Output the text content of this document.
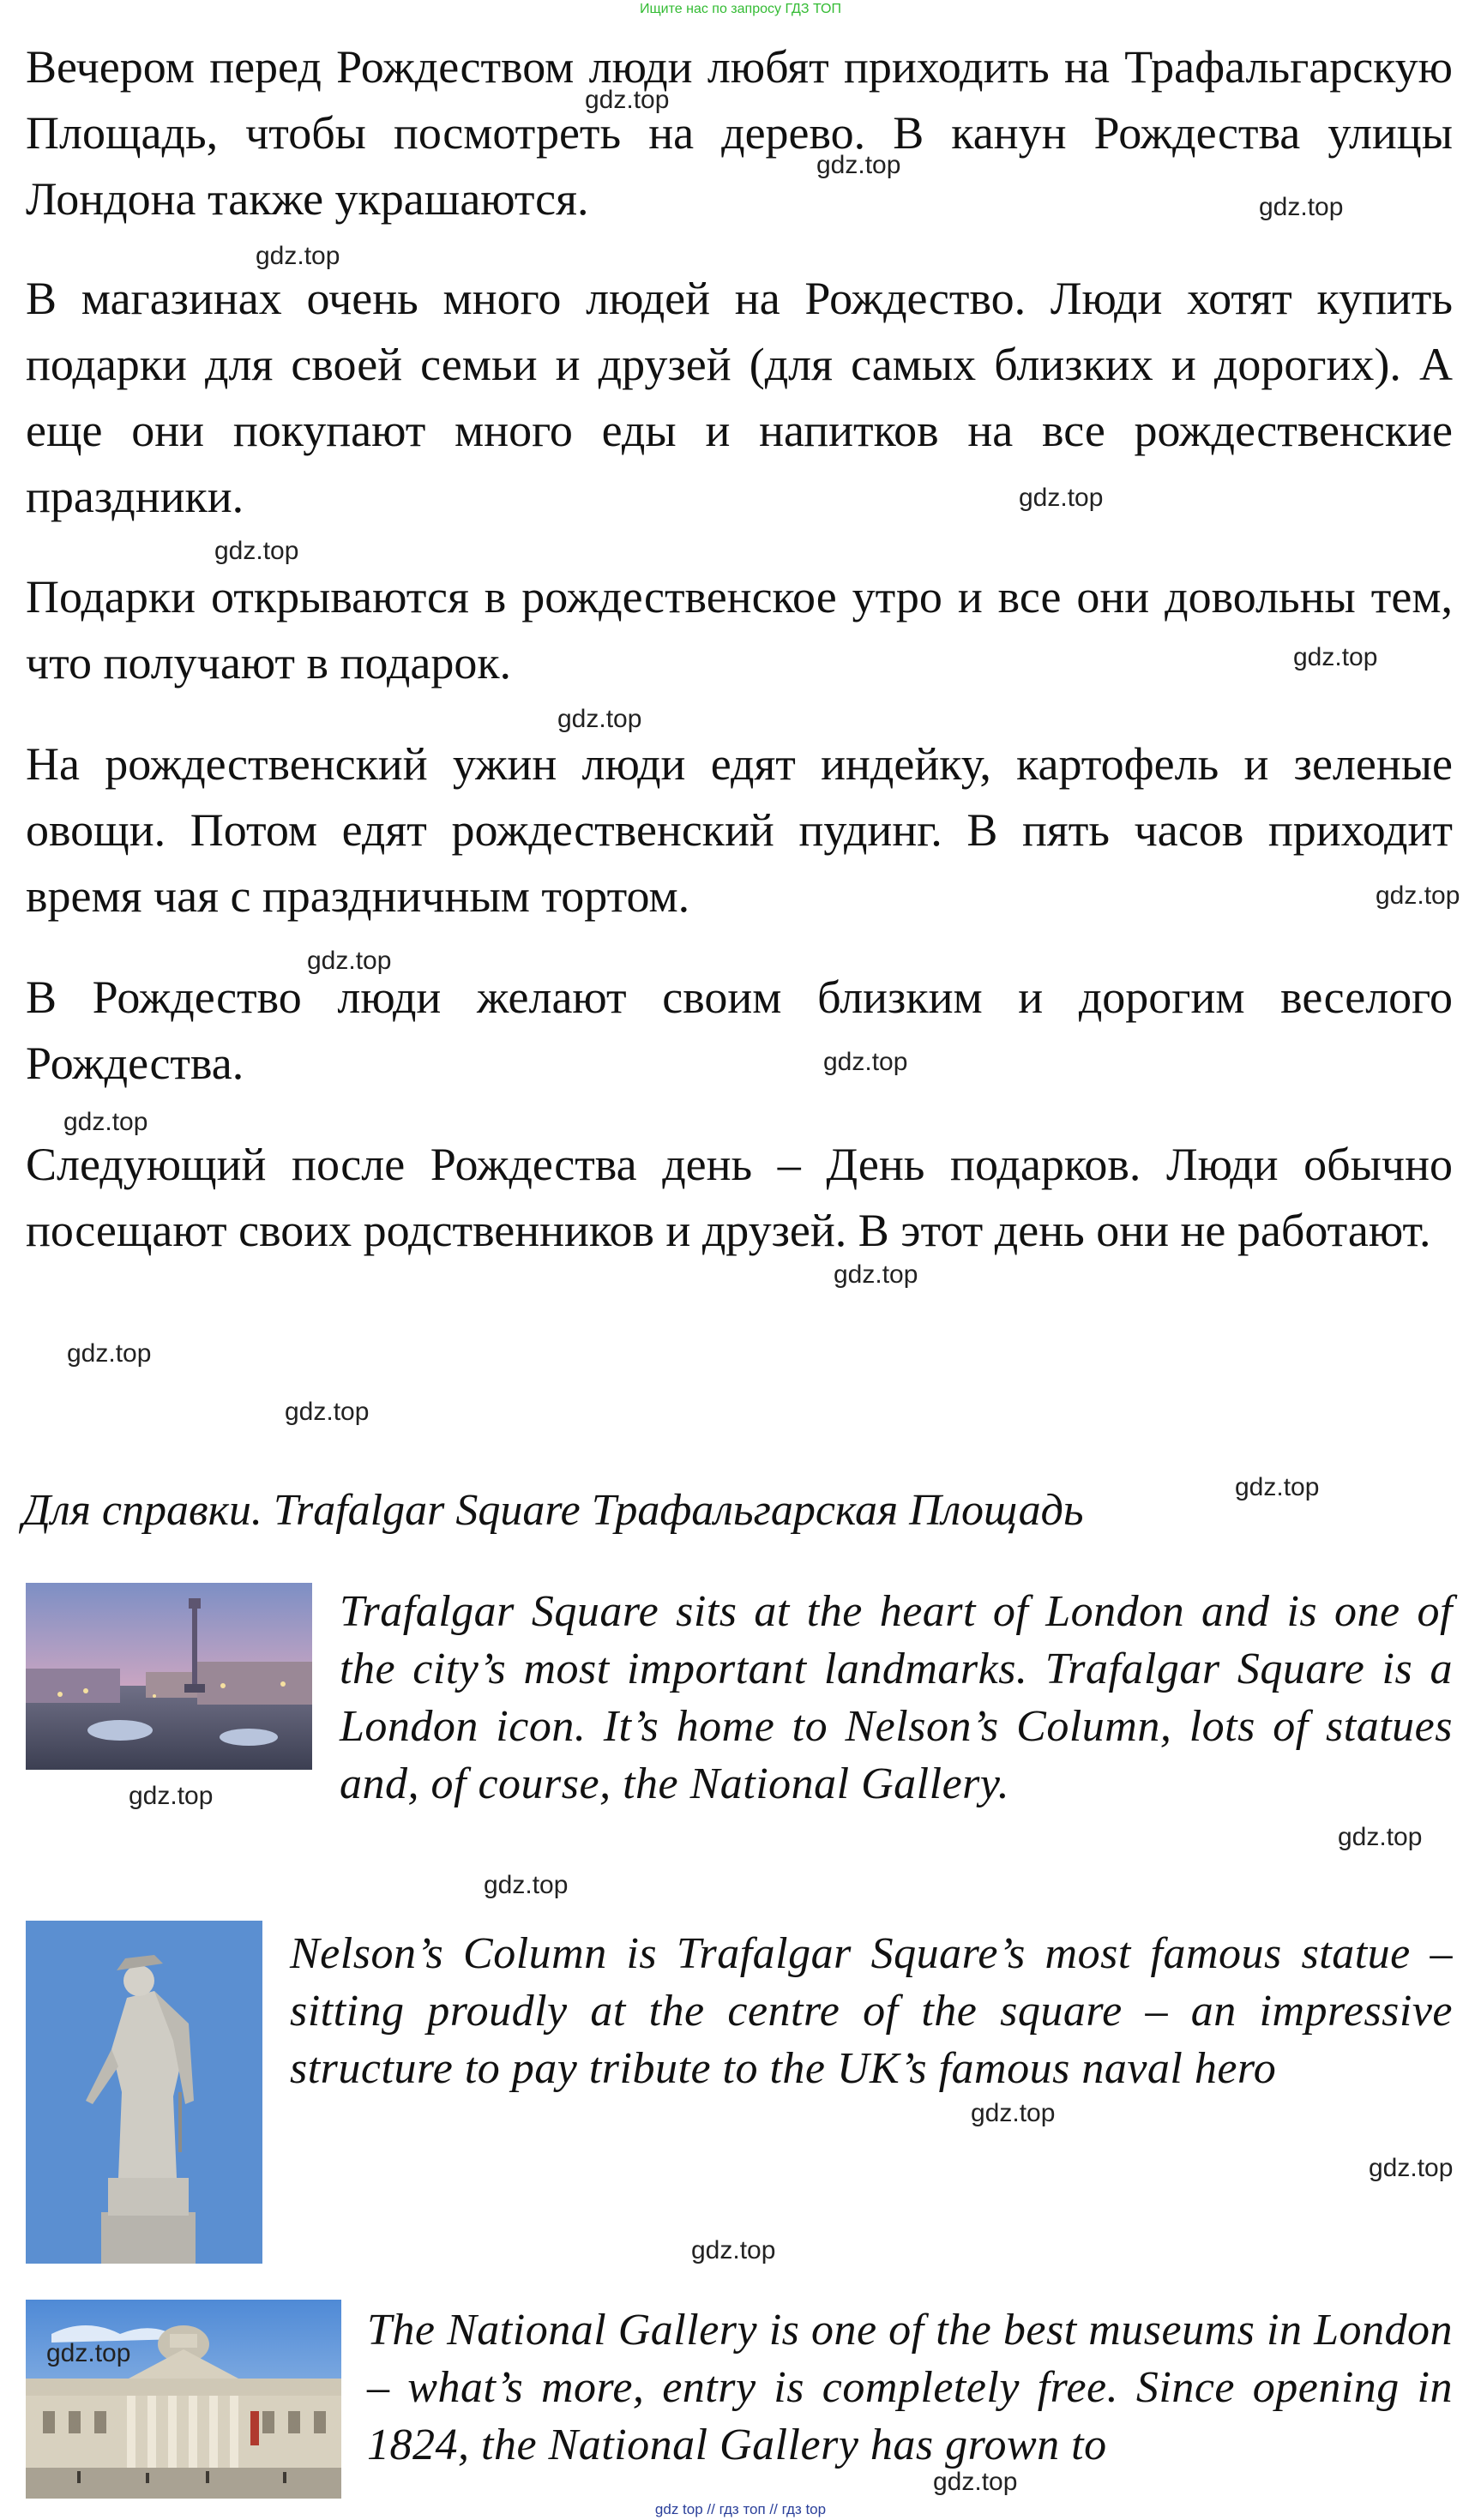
Ищите нас по запросу ГДЗ ТОП

Вечером перед Рождеством люди любят приходить на Трафальгарскую Площадь, чтобы посмотреть на дерево. В канун Рождества улицы Лондона также украшаются.

В магазинах очень много людей на Рождество. Люди хотят купить подарки для своей семьи и друзей (для самых близких и дорогих). А еще они покупают много еды и напитков на все рождественские праздники.

Подарки открываются в рождественское утро и все они довольны тем, что получают в подарок.

На рождественский ужин люди едят индейку, картофель и зеленые овощи. Потом едят рождественский пудинг. В пять часов приходит время чая с праздничным тортом.

В Рождество люди желают своим близким и дорогим веселого Рождества.

Следующий после Рождества день – День подарков. Люди обычно посещают своих родственников и друзей. В этот день они не работают.

Для справки. Trafalgar Square Трафальгарская Площадь

Trafalgar Square sits at the heart of London and is one of the city’s most important landmarks. Trafalgar Square is a London icon. It’s home to Nelson’s Column, lots of statues and, of course, the National Gallery.

Nelson’s Column is Trafalgar Square’s most famous statue – sitting proudly at the centre of the square – an impressive structure to pay tribute to the UK’s famous naval hero

The National Gallery is one of the best museums in London – what’s more, entry is completely free. Since opening in 1824, the National Gallery has grown to

gdz.top
gdz.top
gdz.top
gdz.top
gdz.top
gdz.top
gdz.top
gdz.top
gdz.top
gdz.top
gdz.top
gdz.top
gdz.top
gdz.top
gdz.top
gdz.top
gdz.top
gdz.top
gdz.top
gdz.top
gdz.top
gdz.top
gdz.top
gdz.top
gdz top // гдз топ // гдз top
